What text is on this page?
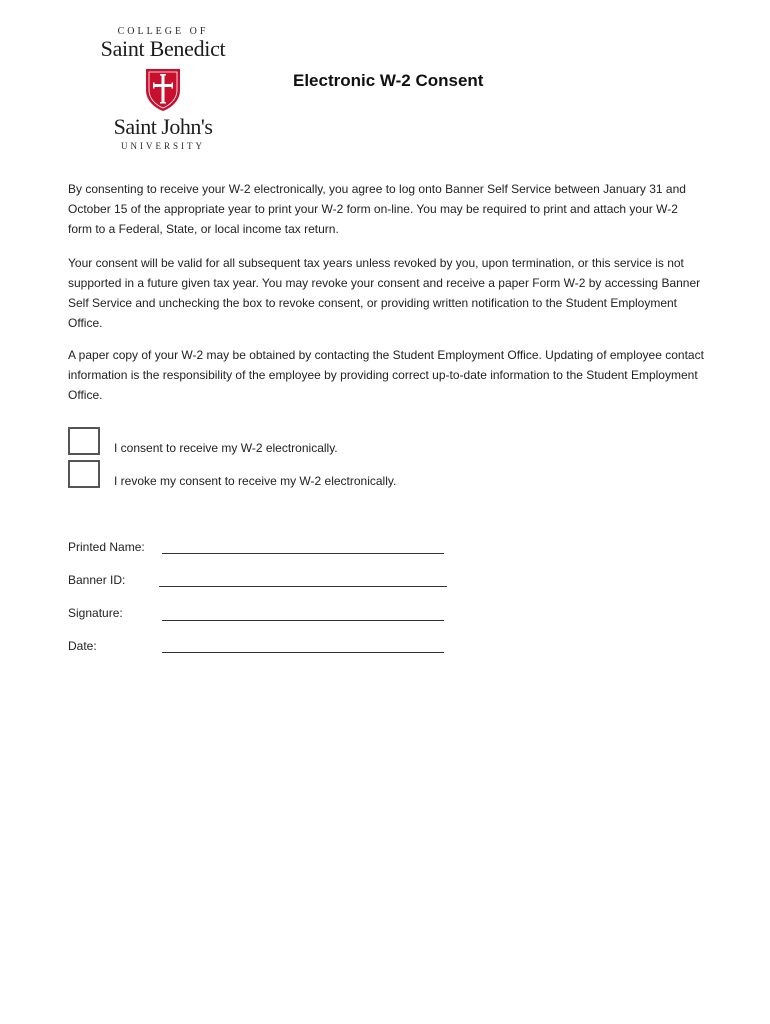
COLLEGE OF
Saint Benedict
Saint John's
UNIVERSITY
Electronic W-2 Consent

By consenting to receive your W-2 electronically, you agree to log onto Banner Self Service between January 31 and October 15 of the appropriate year to print your W-2 form on-line. You may be required to print and attach your W-2 form to a Federal, State, or local income tax return.

Your consent will be valid for all subsequent tax years unless revoked by you, upon termination, or this service is not supported in a future given tax year. You may revoke your consent and receive a paper Form W-2 by accessing Banner Self Service and unchecking the box to revoke consent, or providing written notification to the Student Employment Office.

A paper copy of your W-2 may be obtained by contacting the Student Employment Office. Updating of employee contact information is the responsibility of the employee by providing correct up-to-date information to the Student Employment Office.

I consent to receive my W-2 electronically.
I revoke my consent to receive my W-2 electronically.
Printed Name:
Banner ID:
Signature:
Date:
